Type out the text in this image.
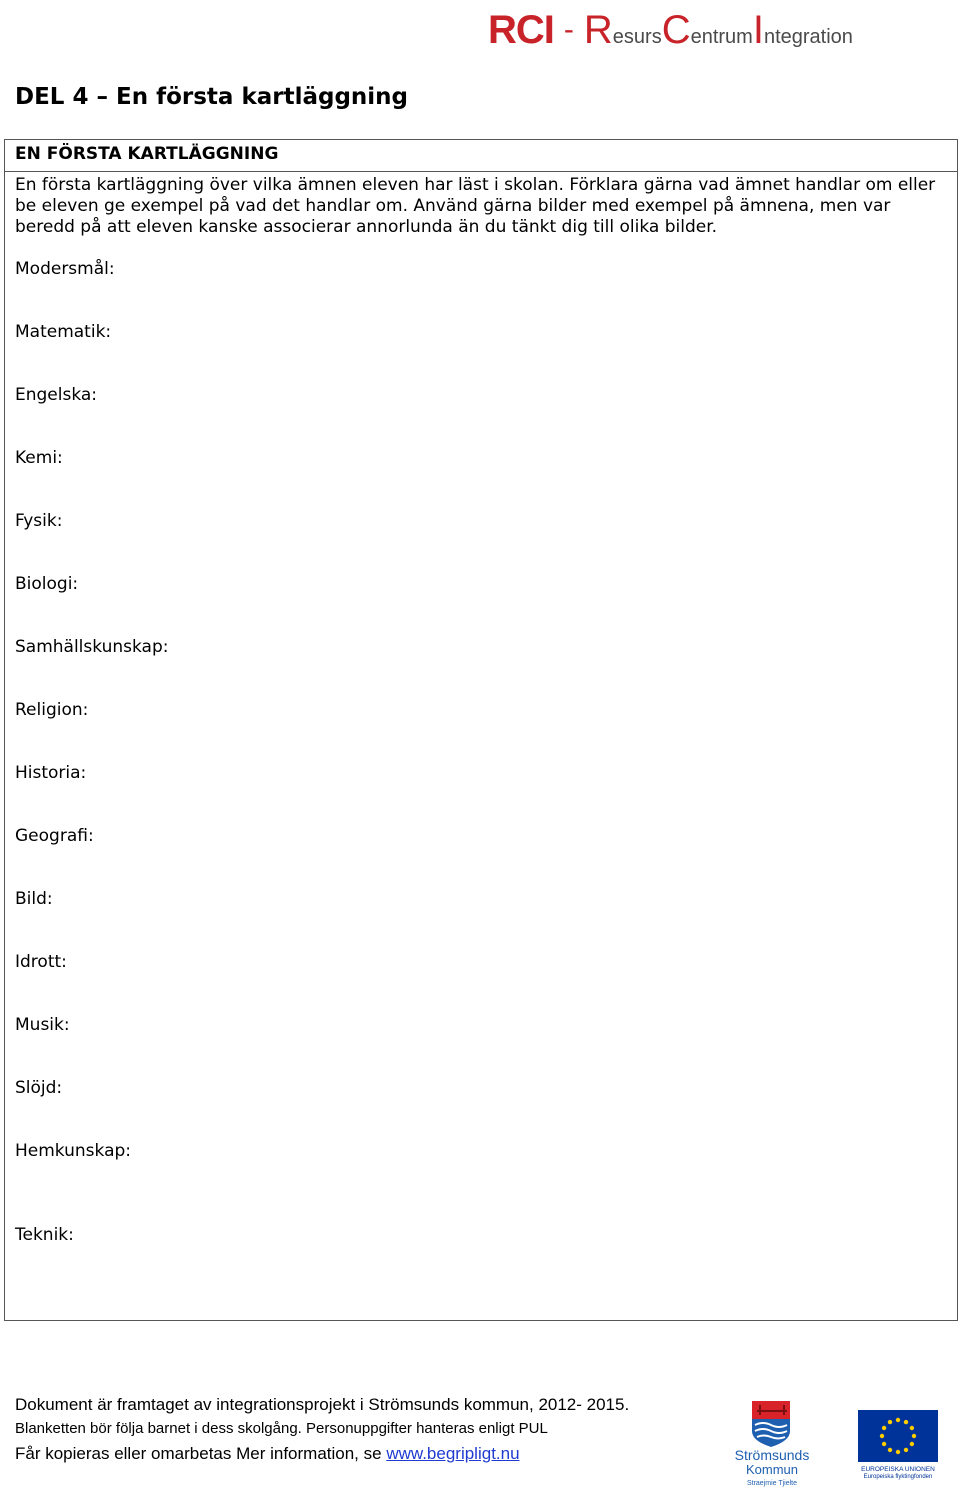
RCI - R esurs C entrum I ntegration
DEL 4 – En första kartläggning
EN FÖRSTA KARTLÄGGNING
En första kartläggning över vilka ämnen eleven har läst i skolan. Förklara gärna vad ämnet handlar om eller be eleven ge exempel på vad det handlar om. Använd gärna bilder med exempel på ämnena, men var beredd på att eleven kanske associerar annorlunda än du tänkt dig till olika bilder.
Modersmål:
Matematik:
Engelska:
Kemi:
Fysik:
Biologi:
Samhällskunskap:
Religion:
Historia:
Geografi:
Bild:
Idrott:
Musik:
Slöjd:
Hemkunskap:
Teknik:
Dokument är framtaget av integrationsprojekt i Strömsunds kommun, 2012- 2015.
Blanketten bör följa barnet i dess skolgång. Personuppgifter hanteras enligt PUL
Får kopieras eller omarbetas Mer information, se www.begripligt.nu	Strömsunds
Kommun
Straejmie Tjielte
EUROPEISKA UNIONEN
Europeiska flyktingfonden
